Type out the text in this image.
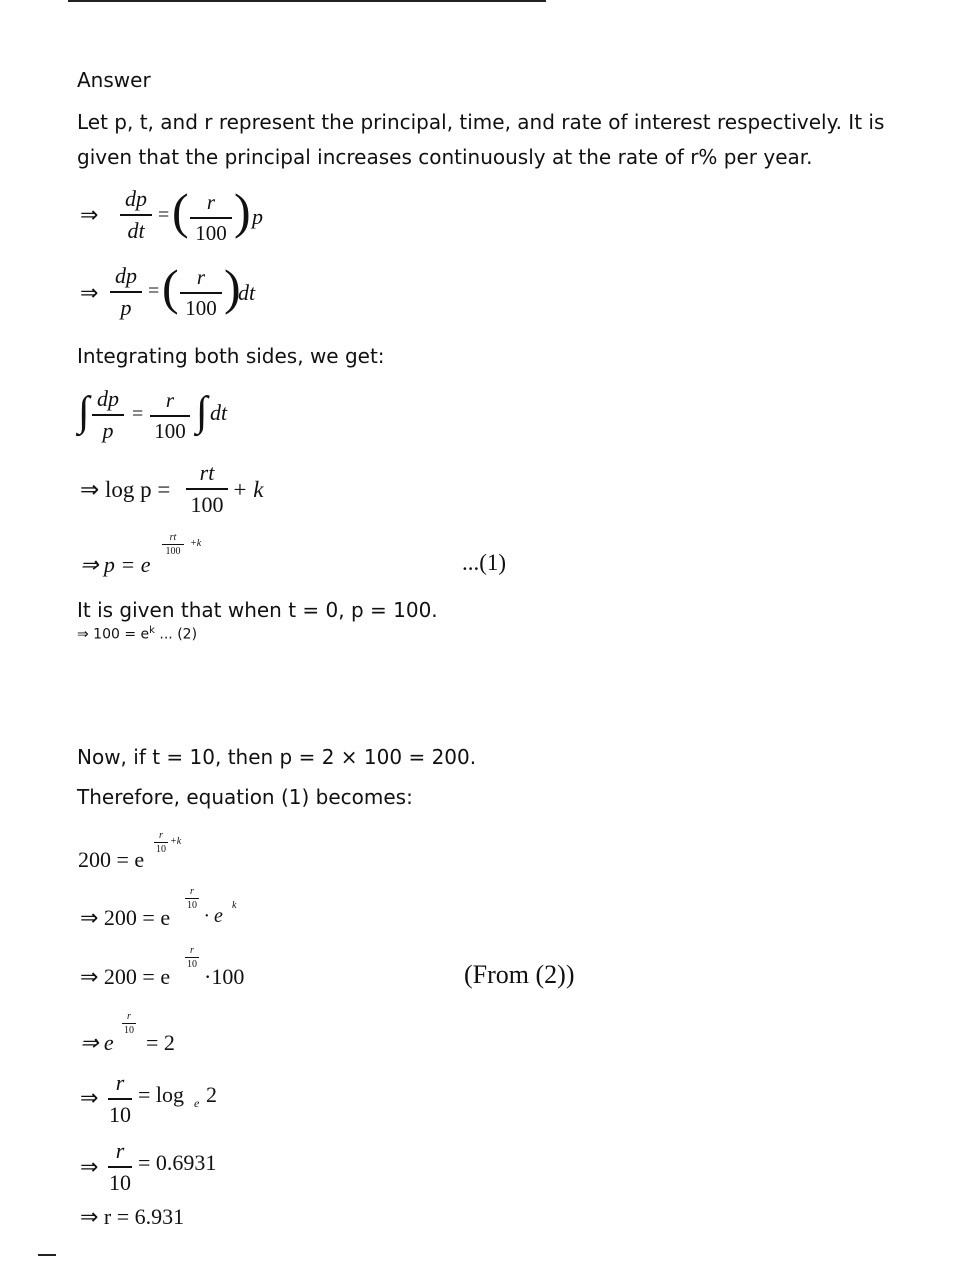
Answer
Let p, t, and r represent the principal, time, and rate of interest respectively. It is
given that the principal increases continuously at the rate of r% per year.
⇒
dp
dt
= ( r
100 ) p
⇒
dp
p
= ( r
100 )
dt
Integrating both sides, we get:
∫ dp
p
=
r
100 ∫ dt
⇒ log p =
rt
100
+ k
⇒ p = e
rt
100
+k
...(1)
It is given that when t = 0, p = 100.
⇒ $100 = e^k$ ... (2)
Now, if t = 10, then p = 2 × 100 = 200.
Therefore, equation (1) becomes:
200 = e
r
10
+k
⇒ 200 = e
r
10 · e k
⇒ 200 = e
r
10 ·100	(From (2))
⇒ e
r
10 = 2
⇒
r
10
= log e 2
⇒
r
10
= 0.6931
⇒ r = 6.931
